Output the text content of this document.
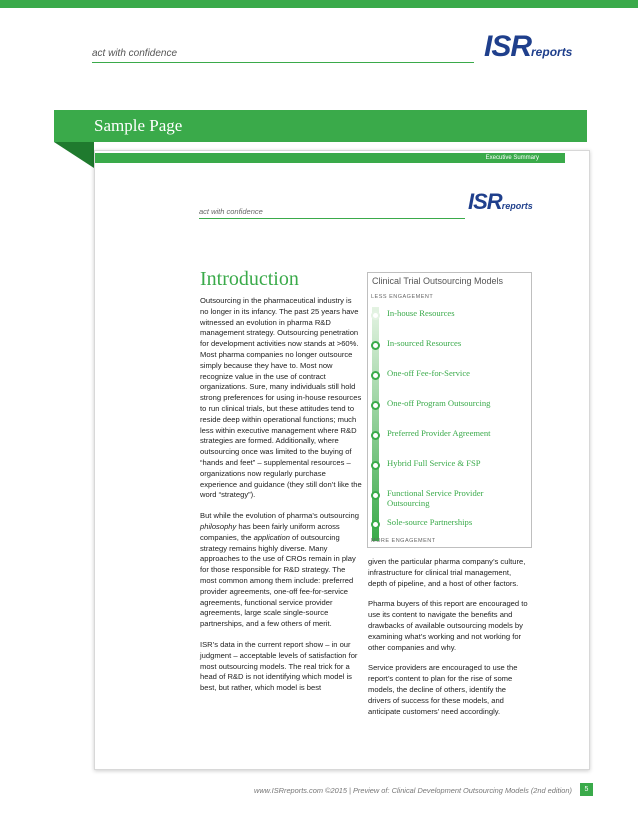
act with confidence	ISRreports
Sample Page
Executive Summary
act with confidence	ISRreports
Introduction

Outsourcing in the pharmaceutical industry is no longer in its infancy. The past 25 years have witnessed an evolution in pharma R&D management strategy. Outsourcing penetration for development activities now stands at >60%. Most pharma companies no longer outsource simply because they have to. Most now recognize value in the use of contract organizations. Sure, many individuals still hold strong preferences for using in-house resources to run clinical trials, but these attitudes tend to reside deep within operational functions; much less within executive management where R&D strategies are formed. Additionally, where outsourcing once was limited to the buying of “hands and feet” – supplemental resources – organizations now regularly purchase experience and guidance (they still don’t like the word “strategy”).

But while the evolution of pharma’s outsourcing philosophy has been fairly uniform across companies, the application of outsourcing strategy remains highly diverse. Many approaches to the use of CROs remain in play for those responsible for R&D strategy. The most common among them include: preferred provider agreements, one-off fee-for-service agreements, functional service provider agreements, large scale single-source partnerships, and a few others of merit.

ISR’s data in the current report show – in our judgment – acceptable levels of satisfaction for most outsourcing models. The real trick for a head of R&D is not identifying which model is best, but rather, which model is best

Clinical Trial Outsourcing Models
LESS ENGAGEMENT
In-house Resources
In-sourced Resources
One-off Fee-for-Service
One-off Program Outsourcing
Preferred Provider Agreement
Hybrid Full Service & FSP
Functional Service Provider Outsourcing
Sole-source Partnerships
MORE ENGAGEMENT

given the particular pharma company’s culture, infrastructure for clinical trial management, depth of pipeline, and a host of other factors.

Pharma buyers of this report are encouraged to use its content to navigate the benefits and drawbacks of available outsourcing models by examining what’s working and not working for other companies and why.

Service providers are encouraged to use the report’s content to plan for the rise of some models, the decline of others, identify the drivers of success for these models, and anticipate customers’ need accordingly.

www.ISRreports.com ©2015 | Preview of: Clinical Development Outsourcing Models (2nd edition)	5
